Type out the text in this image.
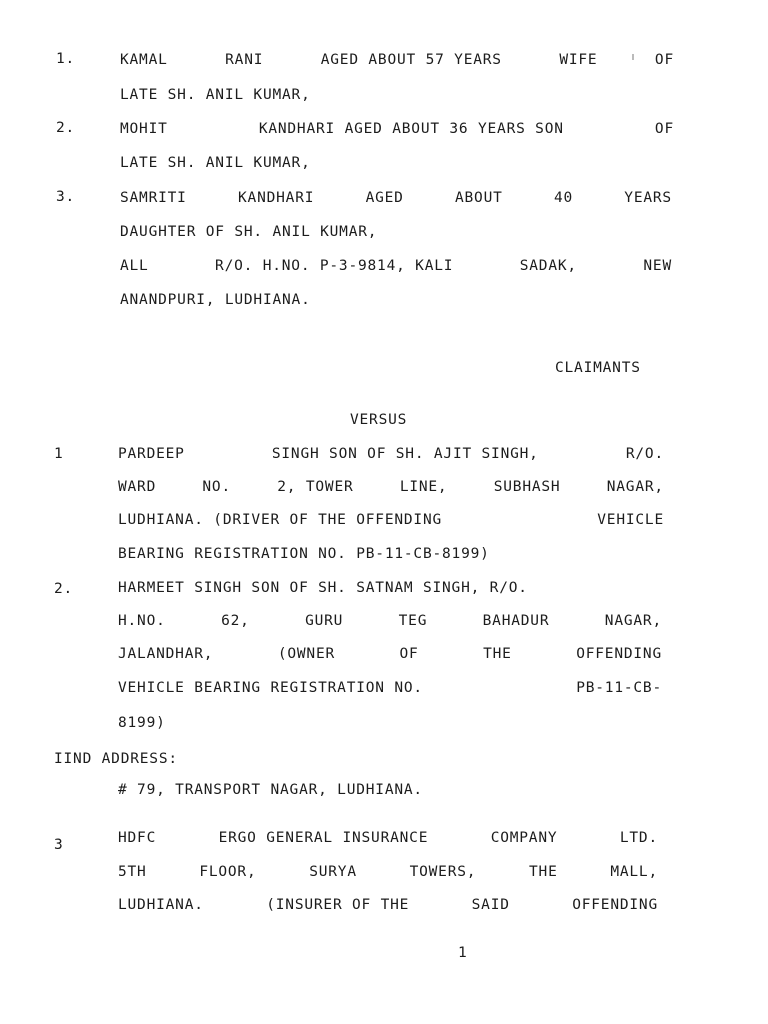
1.	KAMAL	RANI	AGED ABOUT 57 YEARS	WIFE	OF
LATE SH. ANIL KUMAR,
2.	MOHIT	KANDHARI AGED ABOUT 36 YEARS SON	OF
LATE SH. ANIL KUMAR,
3.	SAMRITI	KANDHARI	AGED	ABOUT	40	YEARS
DAUGHTER OF SH. ANIL KUMAR,
ALL	R/O. H.NO. P-3-9814, KALI	SADAK,	NEW
ANANDPURI, LUDHIANA.
CLAIMANTS
VERSUS
1	PARDEEP	SINGH SON OF SH. AJIT SINGH,	R/O.
WARD	NO.	2, TOWER	LINE,	SUBHASH	NAGAR,
LUDHIANA. (DRIVER OF THE OFFENDING	VEHICLE
BEARING REGISTRATION NO. PB-11-CB-8199)
2.	HARMEET SINGH SON OF SH. SATNAM SINGH, R/O.
H.NO.	62,	GURU	TEG	BAHADUR	NAGAR,
JALANDHAR,	(OWNER	OF	THE	OFFENDING
VEHICLE BEARING REGISTRATION NO.	PB-11-CB-
8199)
IIND ADDRESS:
# 79, TRANSPORT NAGAR, LUDHIANA.
3	HDFC	ERGO GENERAL INSURANCE	COMPANY	LTD.
5TH	FLOOR,	SURYA	TOWERS,	THE	MALL,
LUDHIANA.	(INSURER OF THE	SAID	OFFENDING
1
